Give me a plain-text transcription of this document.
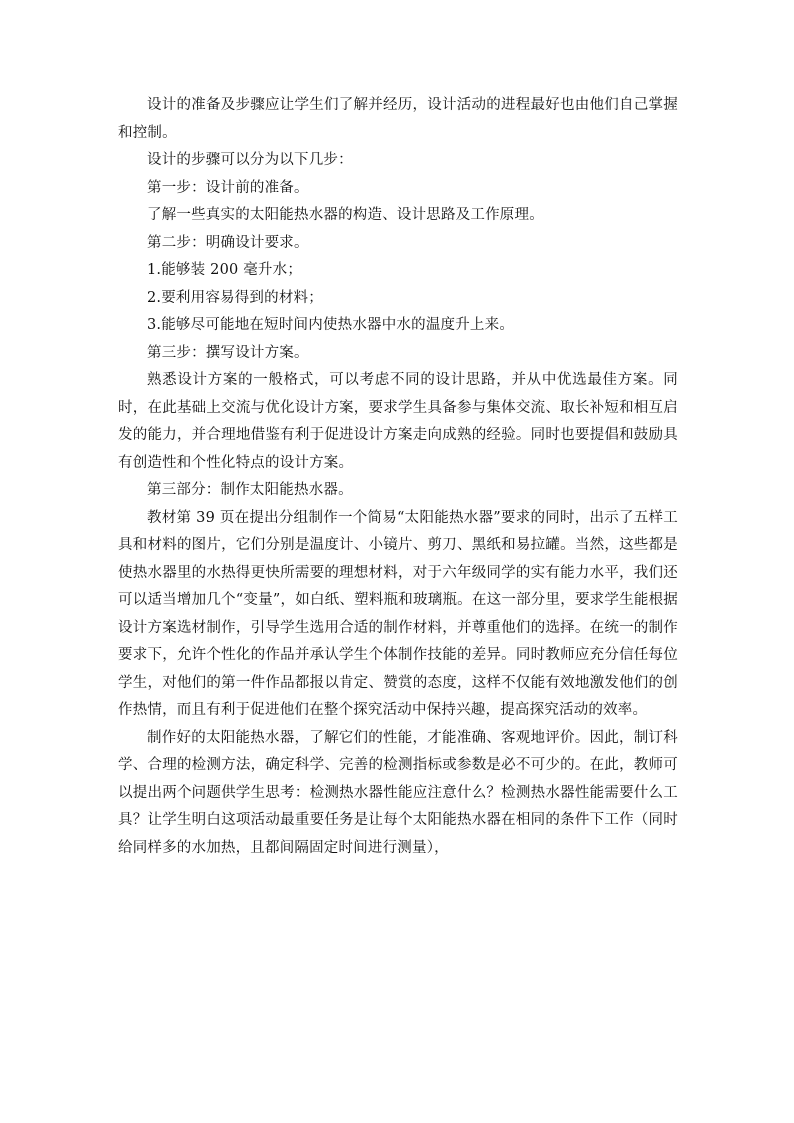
设计的准备及步骤应让学生们了解并经历，设计活动的进程最好也由他们自己掌握和控制。

设计的步骤可以分为以下几步：

第一步：设计前的准备。

了解一些真实的太阳能热水器的构造、设计思路及工作原理。

第二步：明确设计要求。

1.能够装 200 毫升水；

2.要利用容易得到的材料；

3.能够尽可能地在短时间内使热水器中水的温度升上来。

第三步：撰写设计方案。

熟悉设计方案的一般格式，可以考虑不同的设计思路，并从中优选最佳方案。同时，在此基础上交流与优化设计方案，要求学生具备参与集体交流、取长补短和相互启发的能力，并合理地借鉴有利于促进设计方案走向成熟的经验。同时也要提倡和鼓励具有创造性和个性化特点的设计方案。

第三部分：制作太阳能热水器。

教材第 39 页在提出分组制作一个简易“太阳能热水器”要求的同时，出示了五样工具和材料的图片，它们分别是温度计、小镜片、剪刀、黑纸和易拉罐。当然，这些都是使热水器里的水热得更快所需要的理想材料，对于六年级同学的实有能力水平，我们还可以适当增加几个“变量”，如白纸、塑料瓶和玻璃瓶。在这一部分里，要求学生能根据设计方案选材制作，引导学生选用合适的制作材料，并尊重他们的选择。在统一的制作要求下，允许个性化的作品并承认学生个体制作技能的差异。同时教师应充分信任每位学生，对他们的第一件作品都报以肯定、赞赏的态度，这样不仅能有效地激发他们的创作热情，而且有利于促进他们在整个探究活动中保持兴趣，提高探究活动的效率。

制作好的太阳能热水器，了解它们的性能，才能准确、客观地评价。因此，制订科学、合理的检测方法，确定科学、完善的检测指标或参数是必不可少的。在此，教师可以提出两个问题供学生思考：检测热水器性能应注意什么？检测热水器性能需要什么工具？让学生明白这项活动最重要任务是让每个太阳能热水器在相同的条件下工作（同时给同样多的水加热，且都间隔固定时间进行测量），
